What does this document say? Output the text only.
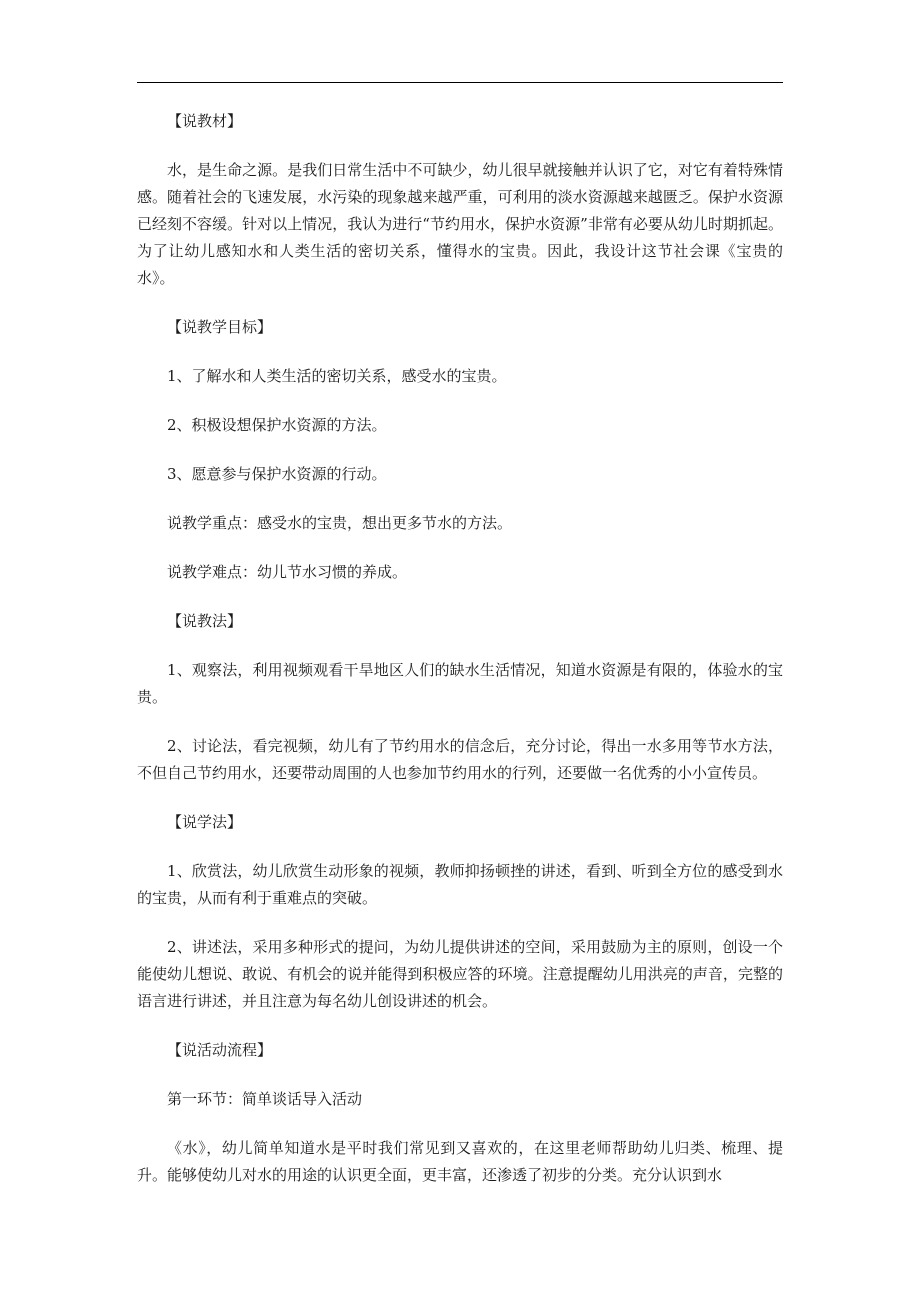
【说教材】

水，是生命之源。是我们日常生活中不可缺少，幼儿很早就接触并认识了它，对它有着特殊情感。随着社会的飞速发展，水污染的现象越来越严重，可利用的淡水资源越来越匮乏。保护水资源已经刻不容缓。针对以上情况，我认为进行“节约用水，保护水资源”非常有必要从幼儿时期抓起。为了让幼儿感知水和人类生活的密切关系，懂得水的宝贵。因此，我设计这节社会课《宝贵的水》。

【说教学目标】

1、了解水和人类生活的密切关系，感受水的宝贵。

2、积极设想保护水资源的方法。

3、愿意参与保护水资源的行动。

说教学重点：感受水的宝贵，想出更多节水的方法。

说教学难点：幼儿节水习惯的养成。

【说教法】

1、观察法，利用视频观看干旱地区人们的缺水生活情况，知道水资源是有限的，体验水的宝贵。

2、讨论法，看完视频，幼儿有了节约用水的信念后，充分讨论，得出一水多用等节水方法，不但自己节约用水，还要带动周围的人也参加节约用水的行列，还要做一名优秀的小小宣传员。

【说学法】

1、欣赏法，幼儿欣赏生动形象的视频，教师抑扬顿挫的讲述，看到、听到全方位的感受到水的宝贵，从而有利于重难点的突破。

2、讲述法，采用多种形式的提问，为幼儿提供讲述的空间，采用鼓励为主的原则，创设一个能使幼儿想说、敢说、有机会的说并能得到积极应答的环境。注意提醒幼儿用洪亮的声音，完整的语言进行讲述，并且注意为每名幼儿创设讲述的机会。

【说活动流程】

第一环节：简单谈话导入活动

《水》，幼儿简单知道水是平时我们常见到又喜欢的，在这里老师帮助幼儿归类、梳理、提升。能够使幼儿对水的用途的认识更全面，更丰富，还渗透了初步的分类。充分认识到水
